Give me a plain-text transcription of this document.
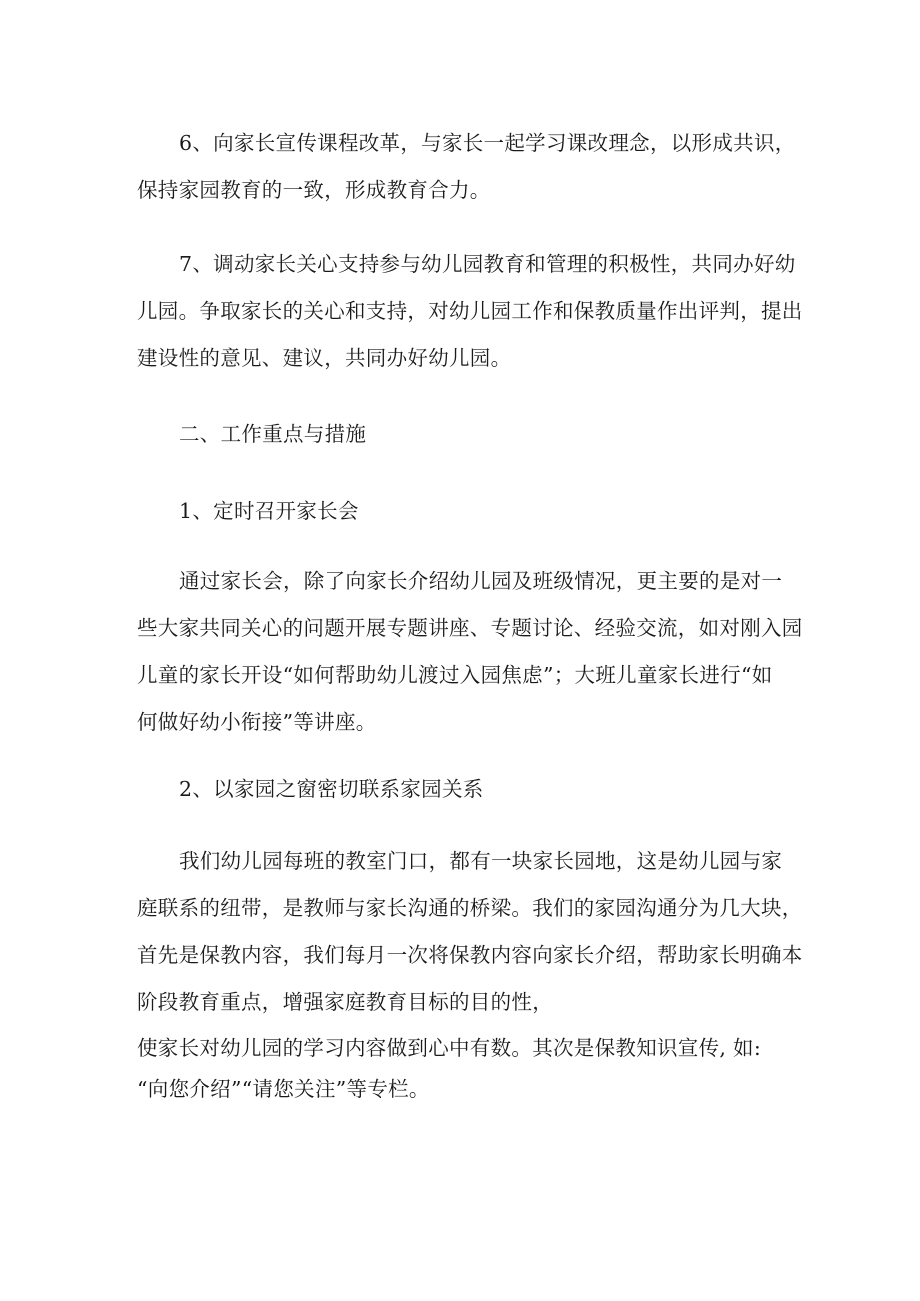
6、向家长宣传课程改革，与家长一起学习课改理念，以形成共识，
保持家园教育的一致，形成教育合力。
7、调动家长关心支持参与幼儿园教育和管理的积极性，共同办好幼
儿园。争取家长的关心和支持，对幼儿园工作和保教质量作出评判，提出
建设性的意见、建议，共同办好幼儿园。
二、工作重点与措施
1、定时召开家长会
通过家长会，除了向家长介绍幼儿园及班级情况，更主要的是对一
些大家共同关心的问题开展专题讲座、专题讨论、经验交流，如对刚入园
儿童的家长开设“如何帮助幼儿渡过入园焦虑”；大班儿童家长进行“如
何做好幼小衔接”等讲座。
2、以家园之窗密切联系家园关系
我们幼儿园每班的教室门口，都有一块家长园地，这是幼儿园与家
庭联系的纽带，是教师与家长沟通的桥梁。我们的家园沟通分为几大块，
首先是保教内容，我们每月一次将保教内容向家长介绍，帮助家长明确本
阶段教育重点，增强家庭教育目标的目的性，
使家长对幼儿园的学习内容做到心中有数。其次是保教知识宣传, 如:
“向您介绍”“请您关注”等专栏。
